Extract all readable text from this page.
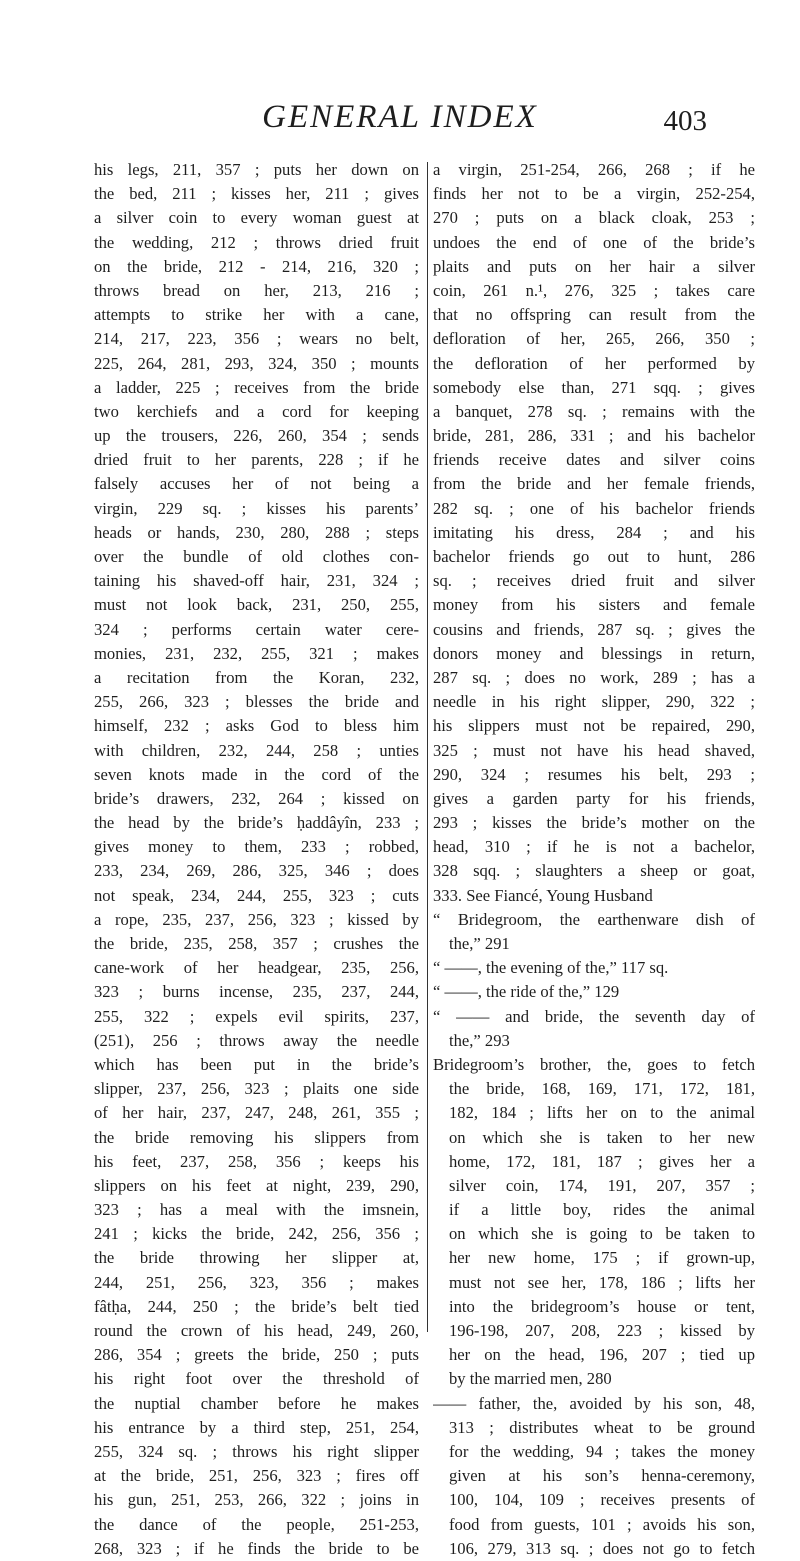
GENERAL INDEX	403
his legs, 211, 357 ; puts her down on
the bed, 211 ; kisses her, 211 ; gives
a silver coin to every woman guest at
the wedding, 212 ; throws dried fruit
on the bride, 212 - 214, 216, 320 ;
throws bread on her, 213, 216 ;
attempts to strike her with a cane,
214, 217, 223, 356 ; wears no belt,
225, 264, 281, 293, 324, 350 ; mounts
a ladder, 225 ; receives from the bride
two kerchiefs and a cord for keeping
up the trousers, 226, 260, 354 ; sends
dried fruit to her parents, 228 ; if he
falsely accuses her of not being a
virgin, 229 sq. ; kisses his parents’
heads or hands, 230, 280, 288 ; steps
over the bundle of old clothes con-
taining his shaved-off hair, 231, 324 ;
must not look back, 231, 250, 255,
324 ; performs certain water cere-
monies, 231, 232, 255, 321 ; makes
a recitation from the Koran, 232,
255, 266, 323 ; blesses the bride and
himself, 232 ; asks God to bless him
with children, 232, 244, 258 ; unties
seven knots made in the cord of the
bride’s drawers, 232, 264 ; kissed on
the head by the bride’s ḥaddâyîn, 233 ;
gives money to them, 233 ; robbed,
233, 234, 269, 286, 325, 346 ; does
not speak, 234, 244, 255, 323 ; cuts
a rope, 235, 237, 256, 323 ; kissed by
the bride, 235, 258, 357 ; crushes the
cane-work of her headgear, 235, 256,
323 ; burns incense, 235, 237, 244,
255, 322 ; expels evil spirits, 237,
(251), 256 ; throws away the needle
which has been put in the bride’s
slipper, 237, 256, 323 ; plaits one side
of her hair, 237, 247, 248, 261, 355 ;
the bride removing his slippers from
his feet, 237, 258, 356 ; keeps his
slippers on his feet at night, 239, 290,
323 ; has a meal with the imsnein,
241 ; kicks the bride, 242, 256, 356 ;
the bride throwing her slipper at,
244, 251, 256, 323, 356 ; makes
fâtḥa, 244, 250 ; the bride’s belt tied
round the crown of his head, 249, 260,
286, 354 ; greets the bride, 250 ; puts
his right foot over the threshold of
the nuptial chamber before he makes
his entrance by a third step, 251, 254,
255, 324 sq. ; throws his right slipper
at the bride, 251, 256, 323 ; fires off
his gun, 251, 253, 266, 322 ; joins in
the dance of the people, 251-253,
268, 323 ; if he finds the bride to be
a virgin, 251-254, 266, 268 ; if he
finds her not to be a virgin, 252-254,
270 ; puts on a black cloak, 253 ;
undoes the end of one of the bride’s
plaits and puts on her hair a silver
coin, 261 n.¹, 276, 325 ; takes care
that no offspring can result from the
defloration of her, 265, 266, 350 ;
the defloration of her performed by
somebody else than, 271 sqq. ; gives
a banquet, 278 sq. ; remains with the
bride, 281, 286, 331 ; and his bachelor
friends receive dates and silver coins
from the bride and her female friends,
282 sq. ; one of his bachelor friends
imitating his dress, 284 ; and his
bachelor friends go out to hunt, 286
sq. ; receives dried fruit and silver
money from his sisters and female
cousins and friends, 287 sq. ; gives the
donors money and blessings in return,
287 sq. ; does no work, 289 ; has a
needle in his right slipper, 290, 322 ;
his slippers must not be repaired, 290,
325 ; must not have his head shaved,
290, 324 ; resumes his belt, 293 ;
gives a garden party for his friends,
293 ; kisses the bride’s mother on the
head, 310 ; if he is not a bachelor,
328 sqq. ; slaughters a sheep or goat,
333. See Fiancé, Young Husband
“ Bridegroom, the earthenware dish of
the,” 291
“ ——, the evening of the,” 117 sq.
“ ——, the ride of the,” 129
“ —— and bride, the seventh day of
the,” 293
Bridegroom’s brother, the, goes to fetch
the bride, 168, 169, 171, 172, 181,
182, 184 ; lifts her on to the animal
on which she is taken to her new
home, 172, 181, 187 ; gives her a
silver coin, 174, 191, 207, 357 ;
if a little boy, rides the animal
on which she is going to be taken to
her new home, 175 ; if grown-up,
must not see her, 178, 186 ; lifts her
into the bridegroom’s house or tent,
196-198, 207, 208, 223 ; kissed by
her on the head, 196, 207 ; tied up
by the married men, 280
—— father, the, avoided by his son, 48,
313 ; distributes wheat to be ground
for the wedding, 94 ; takes the money
given at his son’s henna-ceremony,
100, 104, 109 ; receives presents of
food from guests, 101 ; avoids his son,
106, 279, 313 sq. ; does not go to fetch
